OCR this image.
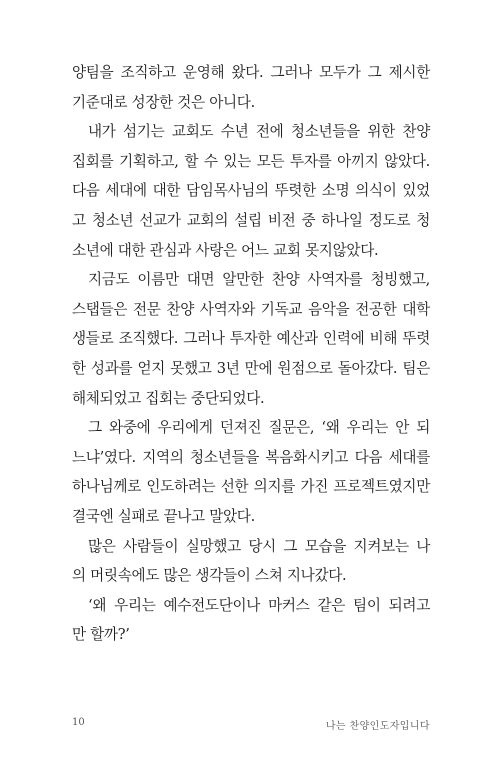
양팀을 조직하고 운영해 왔다. 그러나 모두가 그 제시한
기준대로 성장한 것은 아니다.
내가 섬기는 교회도 수년 전에 청소년들을 위한 찬양
집회를 기획하고, 할 수 있는 모든 투자를 아끼지 않았다.
다음 세대에 대한 담임목사님의 뚜렷한 소명 의식이 있었
고 청소년 선교가 교회의 설립 비전 중 하나일 정도로 청
소년에 대한 관심과 사랑은 어느 교회 못지않았다.
지금도 이름만 대면 알만한 찬양 사역자를 청빙했고,
스탭들은 전문 찬양 사역자와 기독교 음악을 전공한 대학
생들로 조직했다. 그러나 투자한 예산과 인력에 비해 뚜렷
한 성과를 얻지 못했고 3년 만에 원점으로 돌아갔다. 팀은
해체되었고 집회는 중단되었다.
그 와중에 우리에게 던져진 질문은, ‘왜 우리는 안 되
느냐’였다. 지역의 청소년들을 복음화시키고 다음 세대를
하나님께로 인도하려는 선한 의지를 가진 프로젝트였지만
결국엔 실패로 끝나고 말았다.
많은 사람들이 실망했고 당시 그 모습을 지켜보는 나
의 머릿속에도 많은 생각들이 스쳐 지나갔다.
‘왜 우리는 예수전도단이나 마커스 같은 팀이 되려고
만 할까?’
10	나는 찬양인도자입니다
